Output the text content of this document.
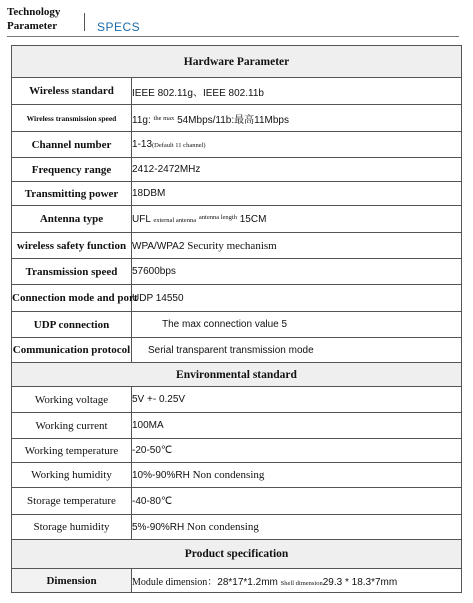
Technology
Parameter	SPECS
Hardware Parameter	
Wireless standard	IEEE 802.11g、IEEE 802.11b
Wireless transmission speed	11g: $^{the max}$ 54Mbps/11b:最高11Mbps
Channel number	1-13(Default 11 channel)
Frequency range	2412-2472MHz
Transmitting power	18DBM
Antenna type	UFL external antenna $^{antenna length}$ 15CM
wireless safety function	WPA/WPA2 Security mechanism
Transmission speed	57600bps
Connection mode and port	UDP 14550
UDP connection	The max connection value 5
Communication protocol	Serial transparent transmission mode
Environmental standard	
Working voltage	5V +- 0.25V
Working current	100MA
Working temperature	-20-50℃
Working humidity	10%-90%RH Non condensing
Storage temperature	-40-80℃
Storage humidity	5%-90%RH Non condensing
Product specification	
Dimension	Module dimension：28*17*1.2mm Shell dimension29.3 * 18.3*7mm
